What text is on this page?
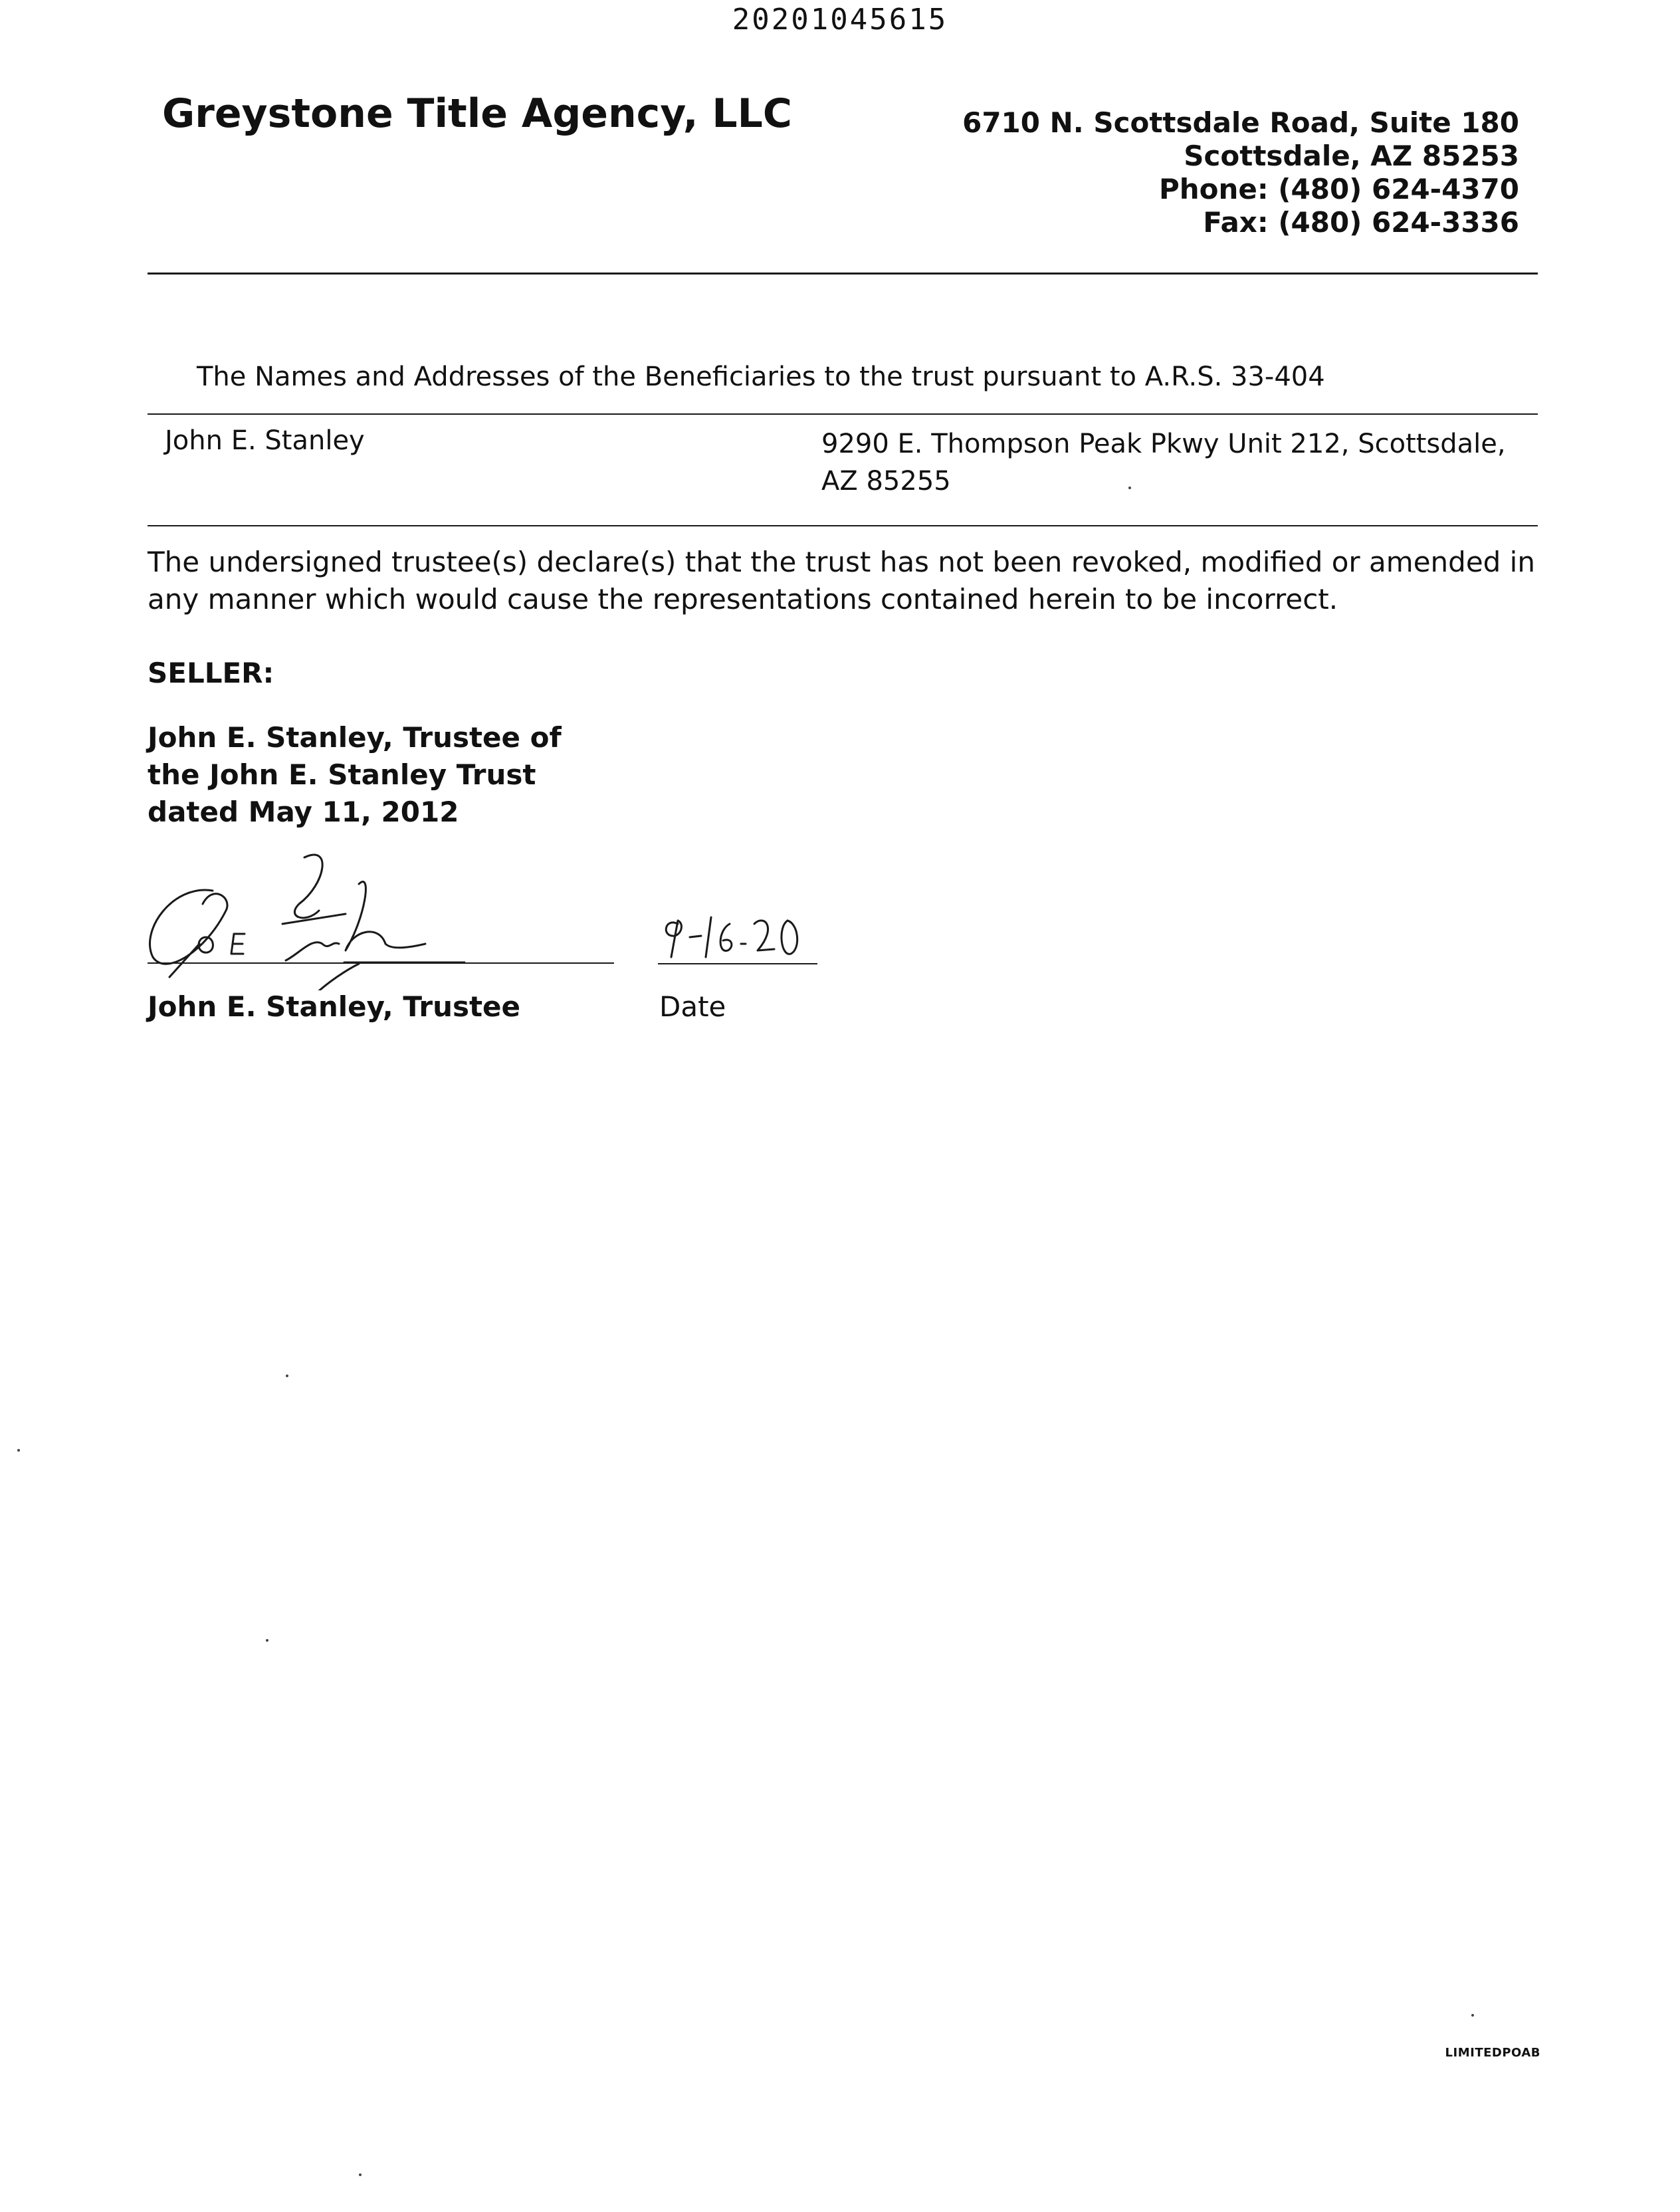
20201045615
Greystone Title Agency, LLC	6710 N. Scottsdale Road, Suite 180
Scottsdale, AZ 85253
Phone: (480) 624-4370
Fax: (480) 624-3336
The Names and Addresses of the Beneficiaries to the trust pursuant to A.R.S. 33-404
John E. Stanley	9290 E. Thompson Peak Pkwy Unit 212, Scottsdale, AZ 85255
The undersigned trustee(s) declare(s) that the trust has not been revoked, modified or amended in any manner which would cause the representations contained herein to be incorrect.
SELLER:
John E. Stanley, Trustee of the John E. Stanley Trust dated May 11, 2012
John E. Stanley, Trustee	Date
LIMITEDPOAB
